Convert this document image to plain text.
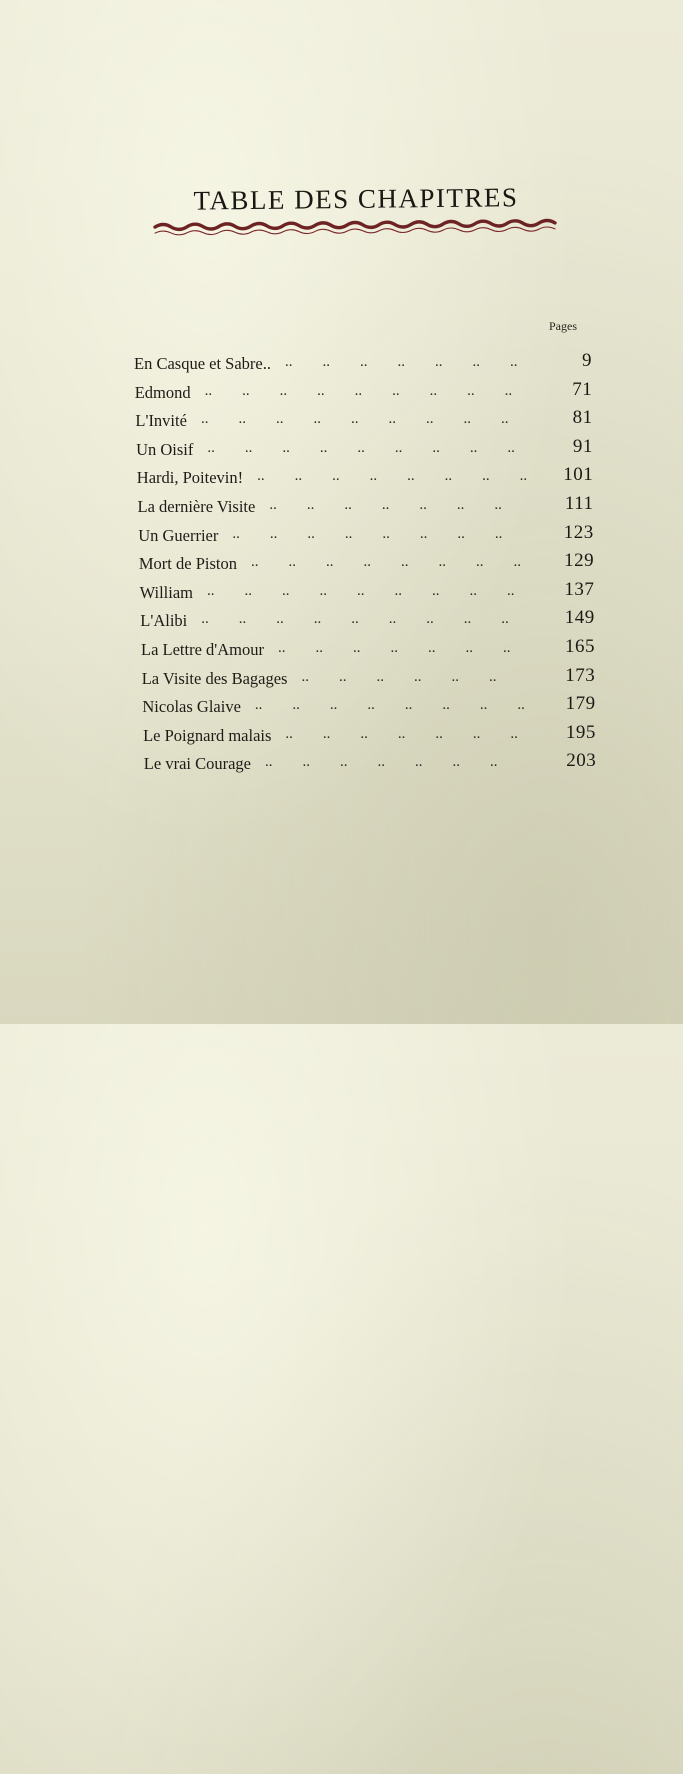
TABLE DES CHAPITRES
Pages
En Casque et Sabre.. ..  ..  ..  ..  ..  ..  ..  	9
Edmond ..  ..  ..  ..  ..  ..  ..  ..  ..  	71
L'Invité ..  ..  ..  ..  ..  ..  ..  ..  ..  	81
Un Oisif ..  ..  ..  ..  ..  ..  ..  ..  ..  	91
Hardi, Poitevin! ..  ..  ..  ..  ..  ..  ..  ..   101
La dernière Visite ..  ..  ..  ..  ..  ..  ..  	111
Un Guerrier ..  ..  ..  ..  ..  ..  ..  ..  	123
Mort de Piston ..  ..  ..  ..  ..  ..  ..  ..   129
William ..  ..  ..  ..  ..  ..  ..  ..  ..  	137
L'Alibi ..  ..  ..  ..  ..  ..  ..  ..  ..  	149
La Lettre d'Amour ..  ..  ..  ..  ..  ..  ..  	165
La Visite des Bagages ..  ..  ..  ..  ..  ..  	173
Nicolas Glaive ..  ..  ..  ..  ..  ..  ..  ..   179
Le Poignard malais ..  ..  ..  ..  ..  ..  ..   195
Le vrai Courage ..  ..  ..  ..  ..  ..  ..  	203
